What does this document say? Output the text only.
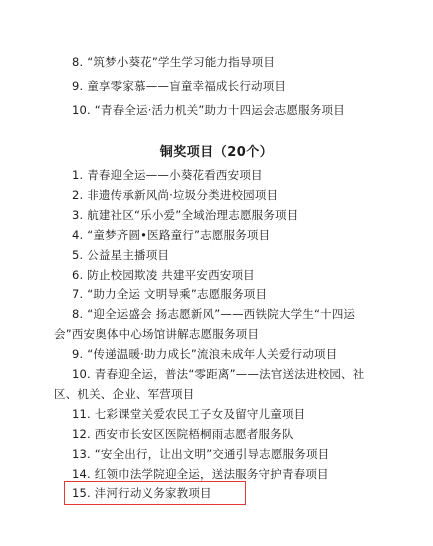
8. “筑梦小葵花”学生学习能力指导项目
9. 童享零家慕——盲童幸福成长行动项目
10. “青春全运·活力机关”助力十四运会志愿服务项目
铜奖项目（20个）
1. 青春迎全运——小葵花看西安项目
2. 非遗传承新风尚·垃圾分类进校园项目
3. 航建社区“乐小爱”全域治理志愿服务项目
4. “童梦齐圆•医路童行”志愿服务项目
5. 公益星主播项目
6. 防止校园欺凌 共建平安西安项目
7. “助力全运 文明导乘”志愿服务项目
8. “迎全运盛会 扬志愿新风”——西铁院大学生“十四运
会”西安奥体中心场馆讲解志愿服务项目
9. “传递温暖·助力成长”流浪未成年人关爱行动项目
10. 青春迎全运，普法“零距离”——法官送法进校园、社
区、机关、企业、军营项目
11. 七彩课堂关爱农民工子女及留守儿童项目
12. 西安市长安区医院梧桐雨志愿者服务队
13. “安全出行，让出文明”交通引导志愿服务项目
14. 红领巾法学院迎全运，送法服务守护青春项目
15. 沣河行动义务家教项目
